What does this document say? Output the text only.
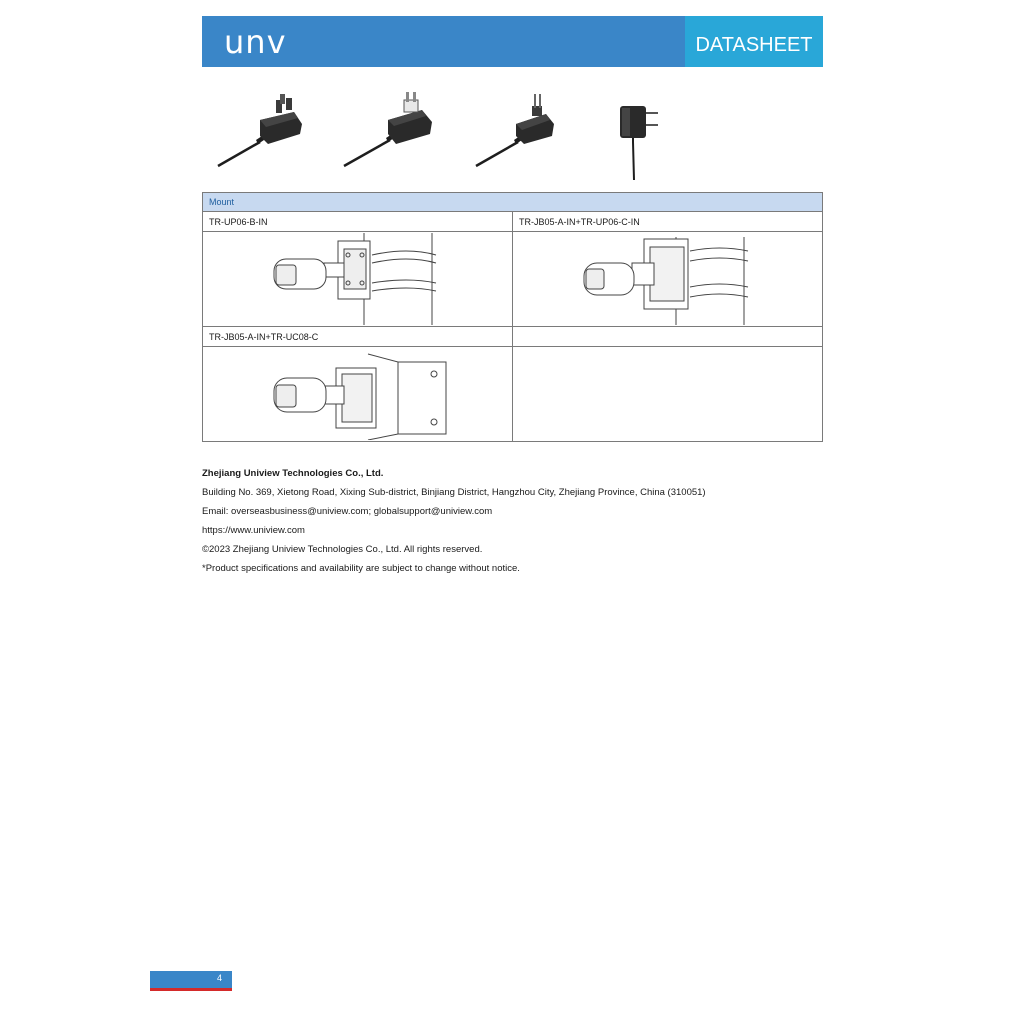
unv	DATASHEET
Mount	
TR-UP06-B-IN	TR-JB05-A-IN+TR-UP06-C-IN

TR-JB05-A-IN+TR-UC08-C	

Zhejiang Uniview Technologies Co., Ltd.
Building No. 369, Xietong Road, Xixing Sub-district, Binjiang District, Hangzhou City, Zhejiang Province, China (310051)
Email: overseasbusiness@uniview.com; globalsupport@uniview.com
https://www.uniview.com
©2023 Zhejiang Uniview Technologies Co., Ltd. All rights reserved.
*Product specifications and availability are subject to change without notice.
4
